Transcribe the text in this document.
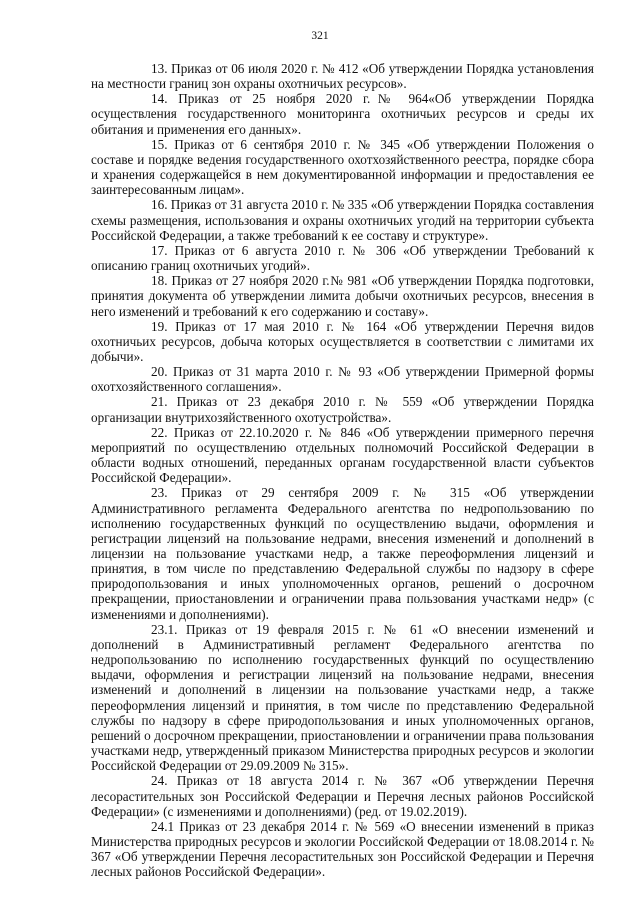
321

13. Приказ от 06 июля 2020 г. № 412 «Об утверждении Порядка установления на местности границ зон охраны охотничьих ресурсов».

14. Приказ от 25 ноября 2020 г.№ 964«Об утверждении Порядка осуществления государственного мониторинга охотничьих ресурсов и среды их обитания и применения его данных».

15. Приказ от 6 сентября 2010 г. № 345 «Об утверждении Положения о составе и порядке ведения государственного охотхозяйственного реестра, порядке сбора и хранения содержащейся в нем документированной информации и предоставления ее заинтересованным лицам».

16. Приказ от 31 августа 2010 г. № 335 «Об утверждении Порядка составления схемы размещения, использования и охраны охотничьих угодий на территории субъекта Российской Федерации, а также требований к ее составу и структуре».

17. Приказ от 6 августа 2010 г. № 306 «Об утверждении Требований к описанию границ охотничьих угодий».

18. Приказ от 27 ноября 2020 г.№ 981 «Об утверждении Порядка подготовки, принятия документа об утверждении лимита добычи охотничьих ресурсов, внесения в него изменений и требований к его содержанию и составу».

19. Приказ от 17 мая 2010 г. № 164 «Об утверждении Перечня видов охотничьих ресурсов, добыча которых осуществляется в соответствии с лимитами их добычи».

20. Приказ от 31 марта 2010 г. № 93 «Об утверждении Примерной формы охотхозяйственного соглашения».

21. Приказ от 23 декабря 2010 г. № 559 «Об утверждении Порядка организации внутрихозяйственного охотустройства».

22. Приказ от 22.10.2020 г. № 846 «Об утверждении примерного перечня мероприятий по осуществлению отдельных полномочий Российской Федерации в области водных отношений, переданных органам государственной власти субъектов Российской Федерации».

23. Приказ от 29 сентября 2009 г. № 315 «Об утверждении Административного регламента Федерального агентства по недропользованию по исполнению государственных функций по осуществлению выдачи, оформления и регистрации лицензий на пользование недрами, внесения изменений и дополнений в лицензии на пользование участками недр, а также переоформления лицензий и принятия, в том числе по представлению Федеральной службы по надзору в сфере природопользования и иных уполномоченных органов, решений о досрочном прекращении, приостановлении и ограничении права пользования участками недр» (с изменениями и дополнениями).

23.1. Приказ от 19 февраля 2015 г. № 61 «О внесении изменений и дополнений в Административный регламент Федерального агентства по недропользованию по исполнению государственных функций по осуществлению выдачи, оформления и регистрации лицензий на пользование недрами, внесения изменений и дополнений в лицензии на пользование участками недр, а также переоформления лицензий и принятия, в том числе по представлению Федеральной службы по надзору в сфере природопользования и иных уполномоченных органов, решений о досрочном прекращении, приостановлении и ограничении права пользования участками недр, утвержденный приказом Министерства природных ресурсов и экологии Российской Федерации от 29.09.2009 № 315».

24. Приказ от 18 августа 2014 г. № 367 «Об утверждении Перечня лесорастительных зон Российской Федерации и Перечня лесных районов Российской Федерации» (с изменениями и дополнениями) (ред. от 19.02.2019).

24.1 Приказ от 23 декабря 2014 г. № 569 «О внесении изменений в приказ Министерства природных ресурсов и экологии Российской Федерации от 18.08.2014 г. № 367 «Об утверждении Перечня лесорастительных зон Российской Федерации и Перечня лесных районов Российской Федерации».
